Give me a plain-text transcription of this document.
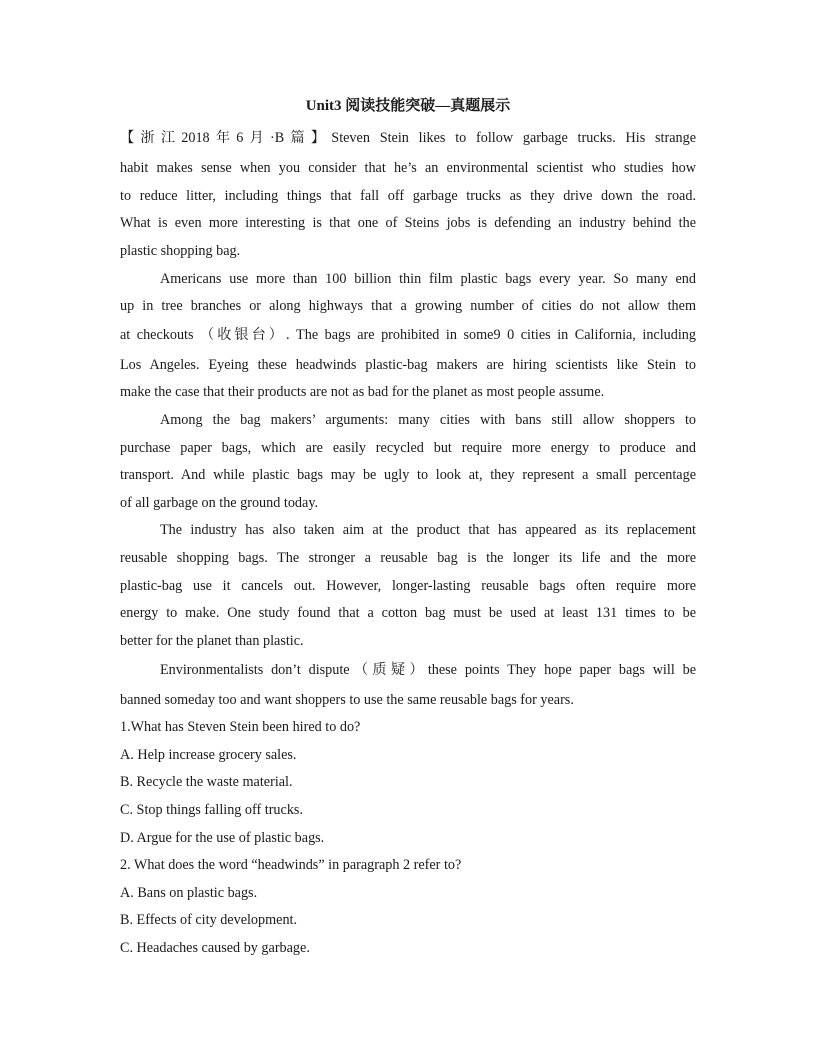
Unit3 阅读技能突破—真题展示
【浙江2018年6月·B篇】Steven Stein likes to follow garbage trucks. His strange
habit makes sense when you consider that he’s an environmental scientist who studies how
to reduce litter, including things that fall off garbage trucks as they drive down the road.
What is even more interesting is that one of Steins jobs is defending an industry behind the
plastic shopping bag.
Americans use more than 100 billion thin film plastic bags every year. So many end
up in tree branches or along highways that a growing number of cities do not allow them
at checkouts （收银台）. The bags are prohibited in some9 0 cities in California, including
Los Angeles. Eyeing these headwinds plastic-bag makers are hiring scientists like Stein to
make the case that their products are not as bad for the planet as most people assume.
Among the bag makers’ arguments: many cities with bans still allow shoppers to
purchase paper bags, which are easily recycled but require more energy to produce and
transport. And while plastic bags may be ugly to look at, they represent a small percentage
of all garbage on the ground today.
The industry has also taken aim at the product that has appeared as its replacement
reusable shopping bags. The stronger a reusable bag is the longer its life and the more
plastic-bag use it cancels out. However, longer-lasting reusable bags often require more
energy to make. One study found that a cotton bag must be used at least 131 times to be
better for the planet than plastic.
Environmentalists don’t dispute（质疑）these points They hope paper bags will be
banned someday too and want shoppers to use the same reusable bags for years.
1.What has Steven Stein been hired to do?
A. Help increase grocery sales.
B. Recycle the waste material.
C. Stop things falling off trucks.
D. Argue for the use of plastic bags.
2. What does the word “headwinds” in paragraph 2 refer to?
A. Bans on plastic bags.
B. Effects of city development.
C. Headaches caused by garbage.
